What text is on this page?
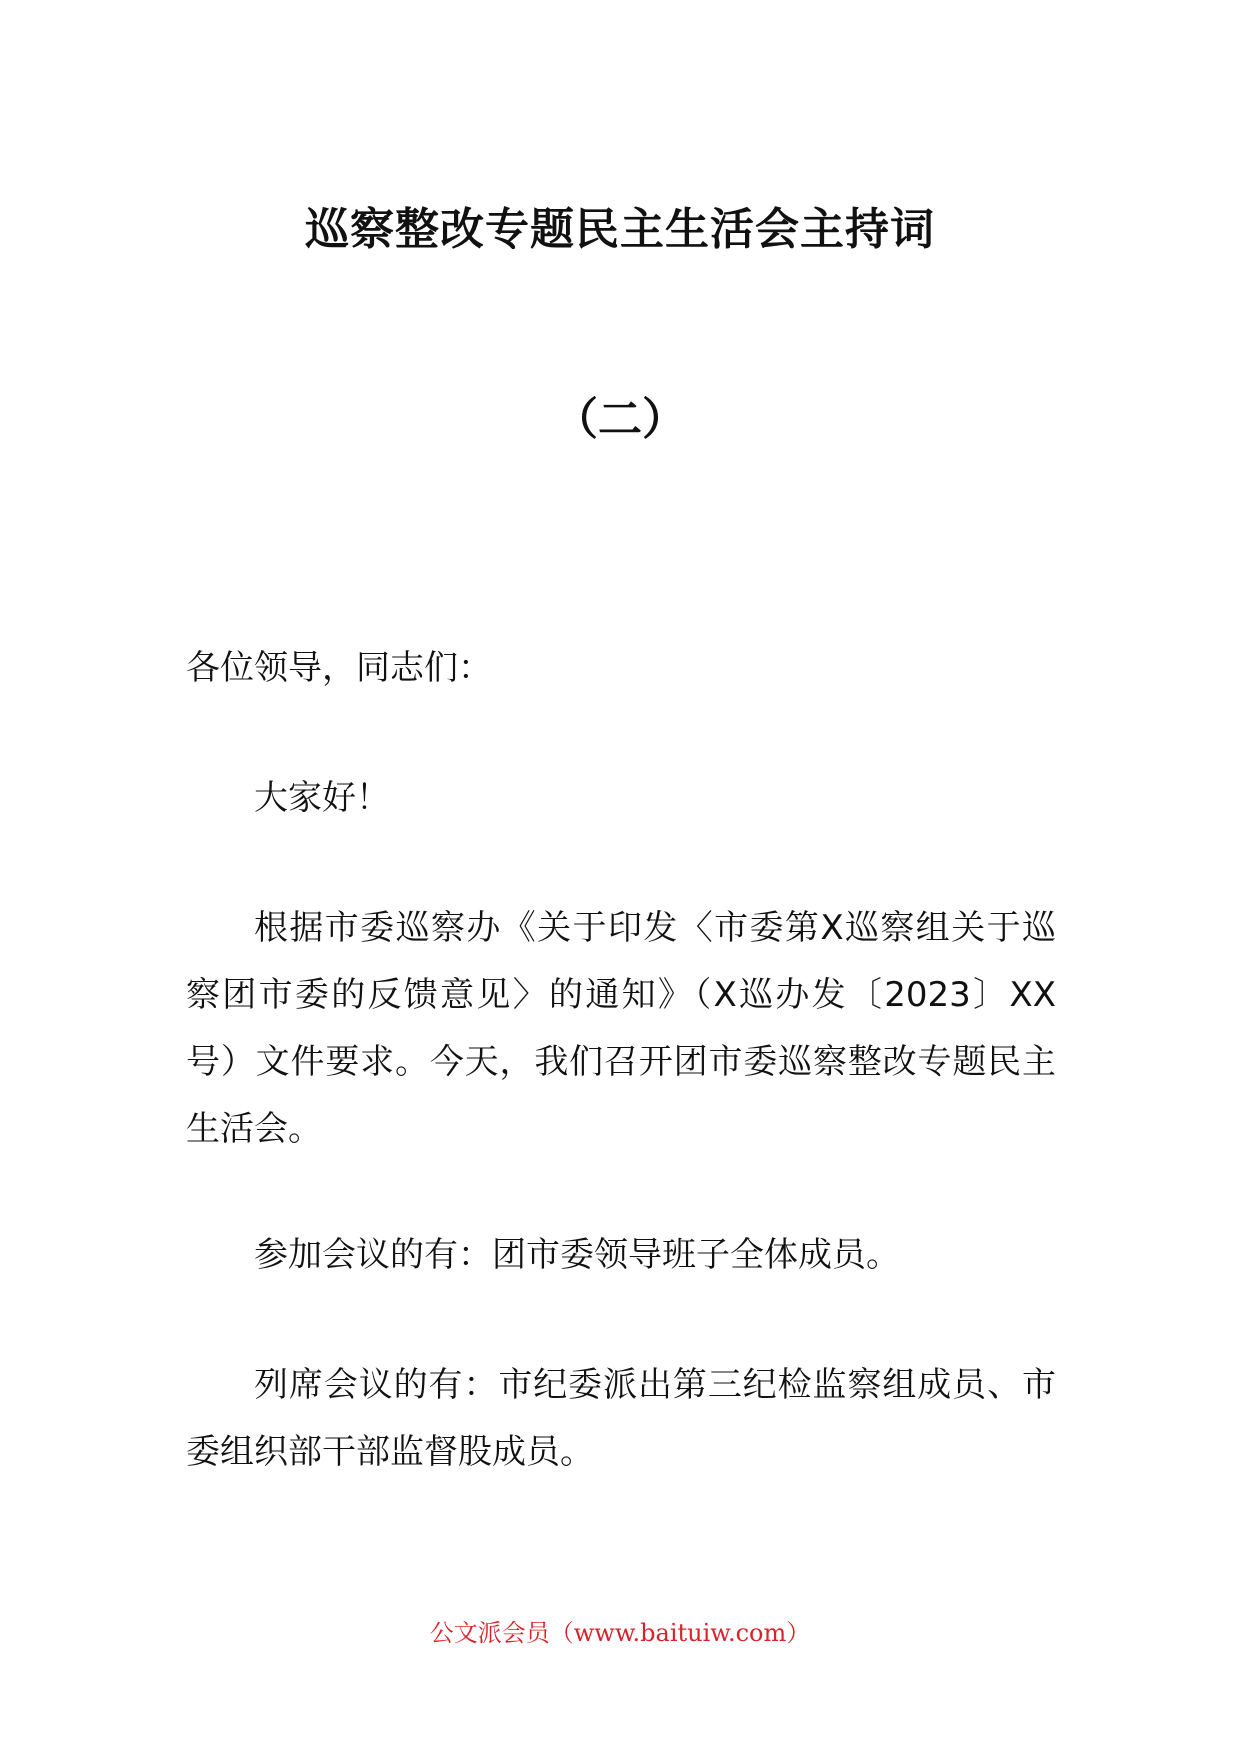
巡察整改专题民主生活会主持词
（二）
各位领导，同志们：
大家好！
根据市委巡察办《关于印发〈市委第X巡察组关于巡察团市委的反馈意见〉的通知》（X巡办发〔2023〕XX号）文件要求。今天，我们召开团市委巡察整改专题民主生活会。
参加会议的有：团市委领导班子全体成员。
列席会议的有：市纪委派出第三纪检监察组成员、市委组织部干部监督股成员。
公文派会员（www.baituiw.com）
